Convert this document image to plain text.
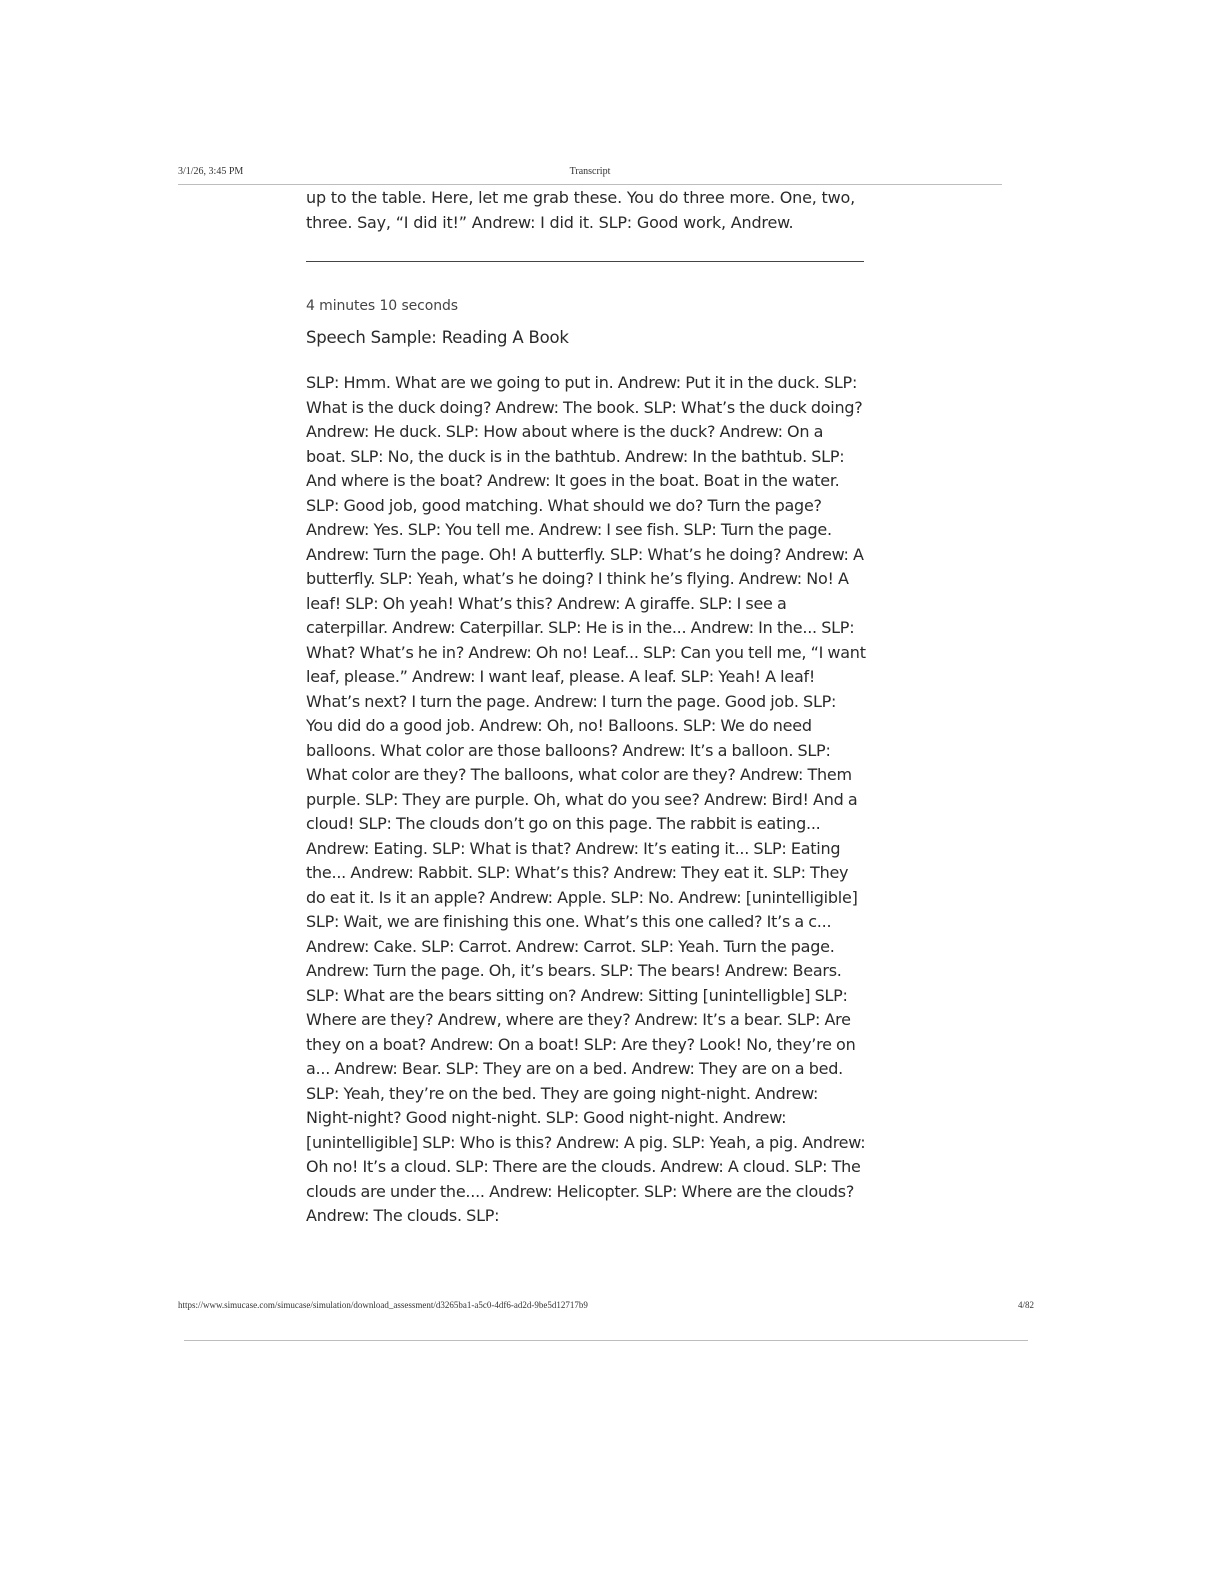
3/1/26, 3:45 PM	Transcript

up to the table. Here, let me grab these. You do three more. One, two, three. Say, “I did it!” Andrew: I did it. SLP: Good work, Andrew.

4 minutes 10 seconds
Speech Sample: Reading A Book

SLP: Hmm. What are we going to put in. Andrew: Put it in the duck. SLP: What is the duck doing? Andrew: The book. SLP: What’s the duck doing? Andrew: He duck. SLP: How about where is the duck? Andrew: On a boat. SLP: No, the duck is in the bathtub. Andrew: In the bathtub. SLP: And where is the boat? Andrew: It goes in the boat. Boat in the water. SLP: Good job, good matching. What should we do? Turn the page? Andrew: Yes. SLP: You tell me. Andrew: I see fish. SLP: Turn the page. Andrew: Turn the page. Oh! A butterfly. SLP: What’s he doing? Andrew: A butterfly. SLP: Yeah, what’s he doing? I think he’s flying. Andrew: No! A leaf! SLP: Oh yeah! What’s this? Andrew: A giraffe. SLP: I see a caterpillar. Andrew: Caterpillar. SLP: He is in the... Andrew: In the... SLP: What? What’s he in? Andrew: Oh no! Leaf... SLP: Can you tell me, “I want leaf, please.” Andrew: I want leaf, please. A leaf. SLP: Yeah! A leaf! What’s next? I turn the page. Andrew: I turn the page. Good job. SLP: You did do a good job. Andrew: Oh, no! Balloons. SLP: We do need balloons. What color are those balloons? Andrew: It’s a balloon. SLP: What color are they? The balloons, what color are they? Andrew: Them purple. SLP: They are purple. Oh, what do you see? Andrew: Bird! And a cloud! SLP: The clouds don’t go on this page. The rabbit is eating... Andrew: Eating. SLP: What is that? Andrew: It’s eating it... SLP: Eating the... Andrew: Rabbit. SLP: What’s this? Andrew: They eat it. SLP: They do eat it. Is it an apple? Andrew: Apple. SLP: No. Andrew: [unintelligible] SLP: Wait, we are finishing this one. What’s this one called? It’s a c... Andrew: Cake. SLP: Carrot. Andrew: Carrot. SLP: Yeah. Turn the page. Andrew: Turn the page. Oh, it’s bears. SLP: The bears! Andrew: Bears. SLP: What are the bears sitting on? Andrew: Sitting [unintelligble] SLP: Where are they? Andrew, where are they? Andrew: It’s a bear. SLP: Are they on a boat? Andrew: On a boat! SLP: Are they? Look! No, they’re on a... Andrew: Bear. SLP: They are on a bed. Andrew: They are on a bed. SLP: Yeah, they’re on the bed. They are going night-night. Andrew: Night-night? Good night-night. SLP: Good night-night. Andrew: [unintelligible] SLP: Who is this? Andrew: A pig. SLP: Yeah, a pig. Andrew: Oh no! It’s a cloud. SLP: There are the clouds. Andrew: A cloud. SLP: The clouds are under the.... Andrew: Helicopter. SLP: Where are the clouds? Andrew: The clouds. SLP:

https://www.simucase.com/simucase/simulation/download_assessment/d3265ba1-a5c0-4df6-ad2d-9be5d12717b9	4/82
